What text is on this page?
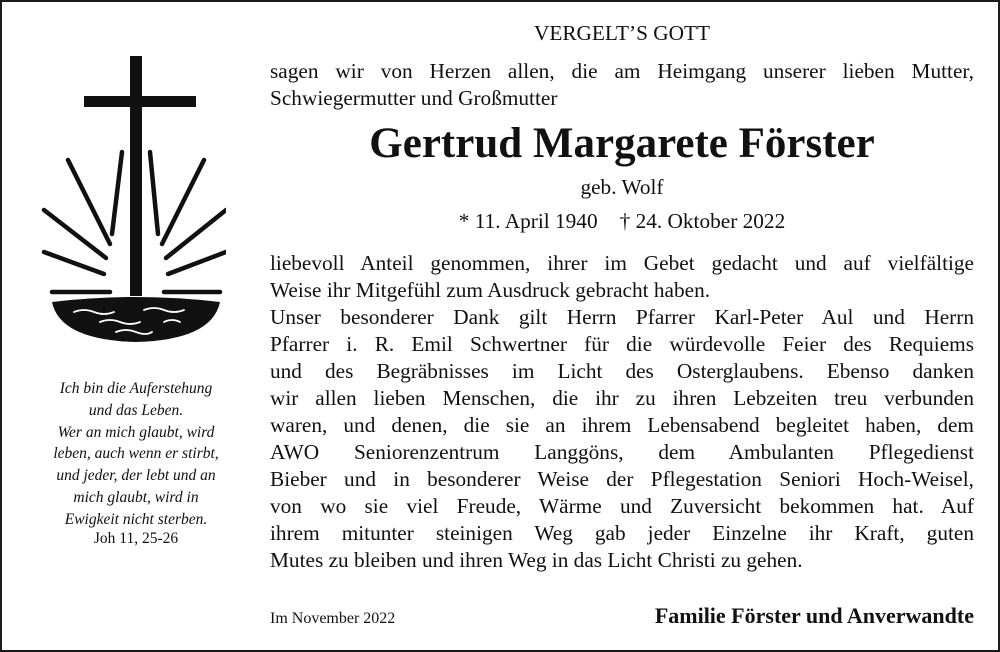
Ich bin die Auferstehung
und das Leben.
Wer an mich glaubt, wird
leben, auch wenn er stirbt,
und jeder, der lebt und an
mich glaubt, wird in
Ewigkeit nicht sterben.
Joh 11, 25-26
VERGELT’S GOTT
sagen wir von Herzen allen, die am Heimgang unserer lieben Mutter,
Schwiegermutter und Großmutter
Gertrud Margarete Förster
geb. Wolf
* 11. April 1940 † 24. Oktober 2022
liebevoll Anteil genommen, ihrer im Gebet gedacht und auf vielfältige
Weise ihr Mitgefühl zum Ausdruck gebracht haben.
Unser besonderer Dank gilt Herrn Pfarrer Karl-Peter Aul und Herrn
Pfarrer i. R. Emil Schwertner für die würdevolle Feier des Requiems
und des Begräbnisses im Licht des Osterglaubens. Ebenso danken
wir allen lieben Menschen, die ihr zu ihren Lebzeiten treu verbunden
waren, und denen, die sie an ihrem Lebensabend begleitet haben, dem
AWO Seniorenzentrum Langgöns, dem Ambulanten Pflegedienst
Bieber und in besonderer Weise der Pflegestation Seniori Hoch-Weisel,
von wo sie viel Freude, Wärme und Zuversicht bekommen hat. Auf
ihrem mitunter steinigen Weg gab jeder Einzelne ihr Kraft, guten
Mutes zu bleiben und ihren Weg in das Licht Christi zu gehen.
Im November 2022	Familie Förster und Anverwandte
